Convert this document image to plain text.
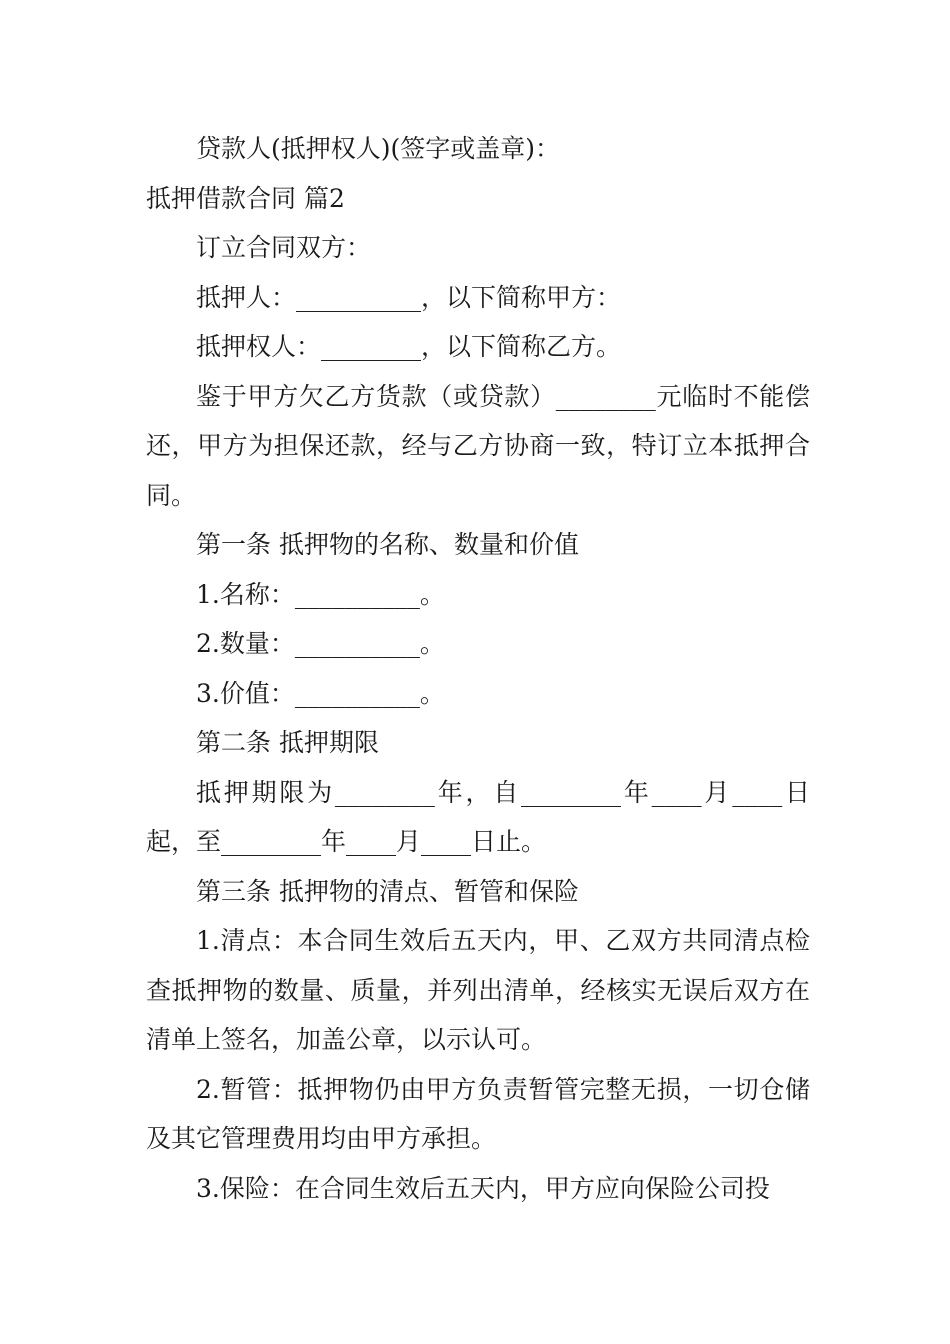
贷款人(抵押权人)(签字或盖章)：

抵押借款合同 篇2

订立合同双方：

抵押人：__________，以下简称甲方：

抵押权人：________，以下简称乙方。

鉴于甲方欠乙方货款（或贷款）________元临时不能偿还，甲方为担保还款，经与乙方协商一致，特订立本抵押合同。

第一条 抵押物的名称、数量和价值

1.名称：__________。

2.数量：__________。

3.价值：__________。

第二条 抵押期限

抵押期限为________年，自________年____月____日起，至________年____月____日止。

第三条 抵押物的清点、暂管和保险

1.清点：本合同生效后五天内，甲、乙双方共同清点检查抵押物的数量、质量，并列出清单，经核实无误后双方在清单上签名，加盖公章，以示认可。

2.暂管：抵押物仍由甲方负责暂管完整无损，一切仓储及其它管理费用均由甲方承担。

3.保险：在合同生效后五天内，甲方应向保险公司投
